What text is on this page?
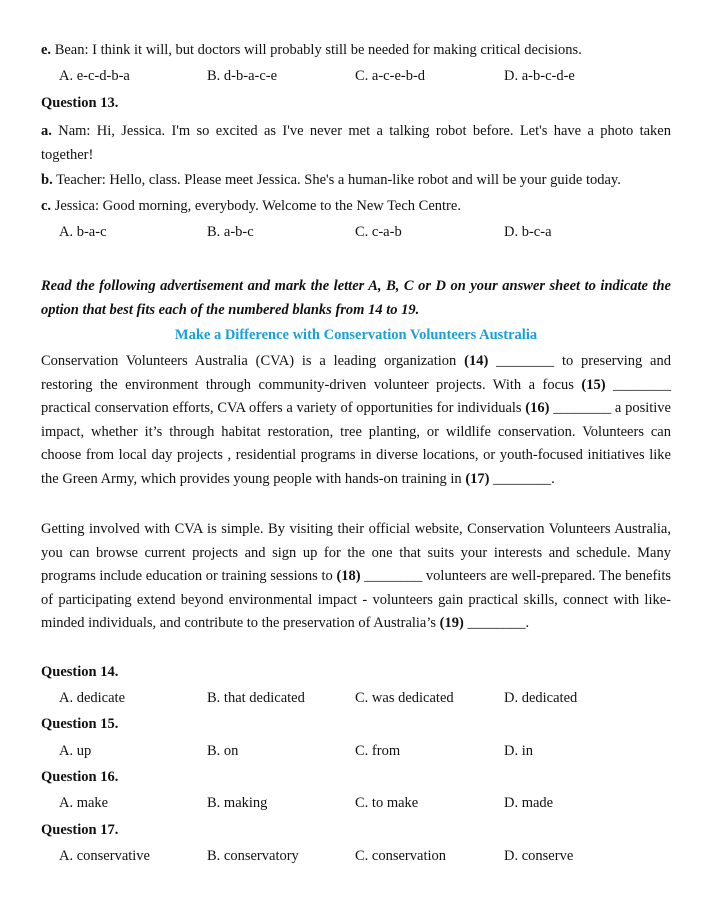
e. Bean: I think it will, but doctors will probably still be needed for making critical decisions.
A. e-c-d-b-a	B. d-b-a-c-e	C. a-c-e-b-d	D. a-b-c-d-e
Question 13.
a. Nam: Hi, Jessica. I'm so excited as I've never met a talking robot before. Let's have a photo taken together!
b. Teacher: Hello, class. Please meet Jessica. She's a human-like robot and will be your guide today.
c. Jessica: Good morning, everybody. Welcome to the New Tech Centre.
A. b-a-c	B. a-b-c	C. c-a-b	D. b-c-a
Read the following advertisement and mark the letter A, B, C or D on your answer sheet to indicate the option that best fits each of the numbered blanks from 14 to 19.
Make a Difference with Conservation Volunteers Australia
Conservation Volunteers Australia (CVA) is a leading organization (14) ________ to preserving and restoring the environment through community-driven volunteer projects. With a focus (15) ________ practical conservation efforts, CVA offers a variety of opportunities for individuals (16) ________ a positive impact, whether it’s through habitat restoration, tree planting, or wildlife conservation. Volunteers can choose from local day projects , residential programs in diverse locations, or youth-focused initiatives like the Green Army, which provides young people with hands-on training in (17) ________.
Getting involved with CVA is simple. By visiting their official website, Conservation Volunteers Australia, you can browse current projects and sign up for the one that suits your interests and schedule. Many programs include education or training sessions to (18) ________ volunteers are well-prepared. The benefits of participating extend beyond environmental impact - volunteers gain practical skills, connect with like-minded individuals, and contribute to the preservation of Australia’s (19) ________.
Question 14.
A. dedicate	B. that dedicated	C. was dedicated	D. dedicated
Question 15.
A. up	B. on	C. from	D. in
Question 16.
A. make	B. making	C. to make	D. made
Question 17.
A. conservative	B. conservatory	C. conservation	D. conserve
